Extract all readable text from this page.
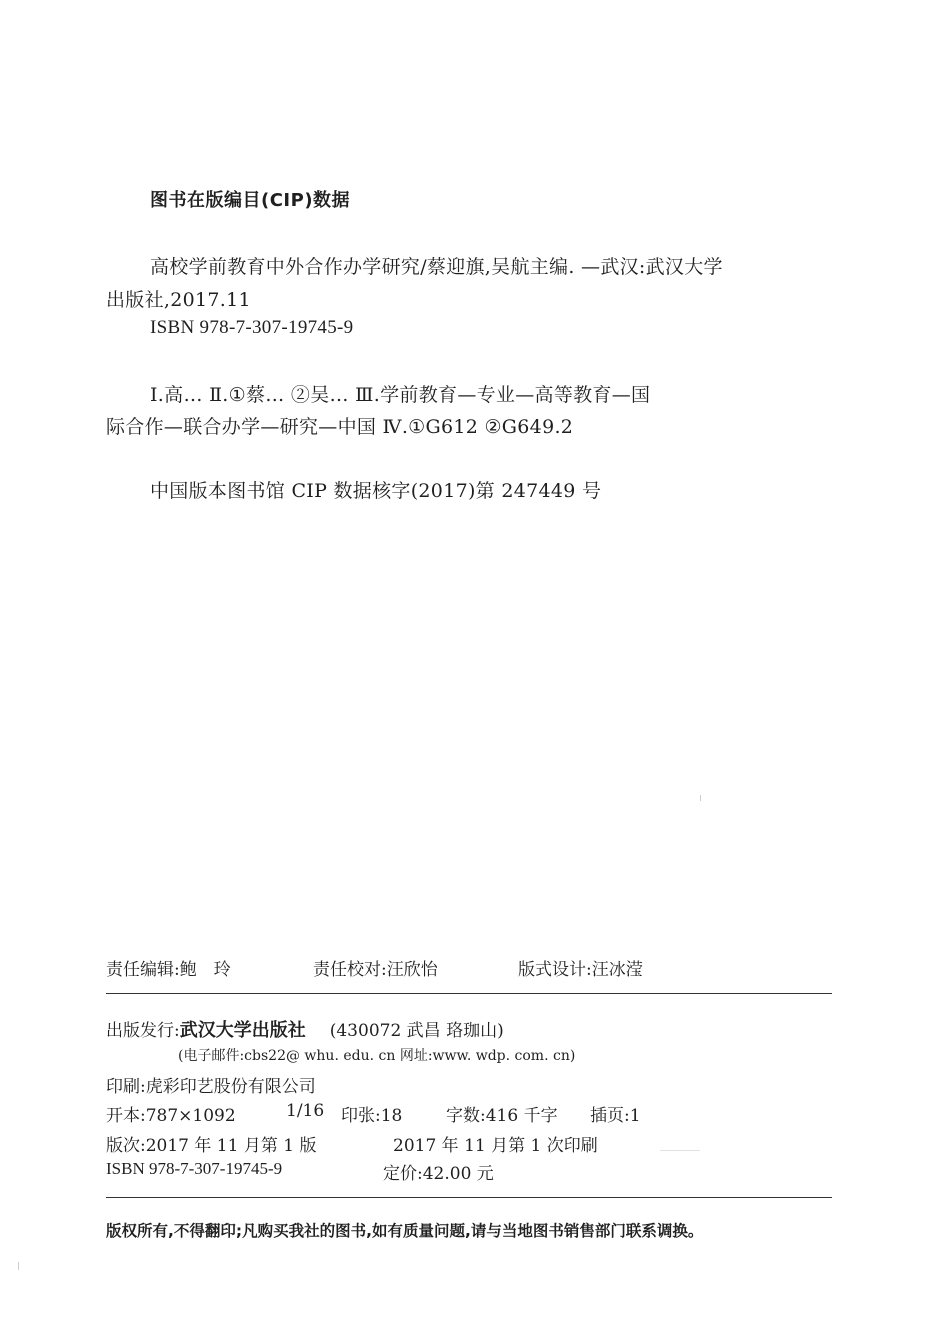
图书在版编目(CIP)数据
高校学前教育中外合作办学研究/蔡迎旗,吴航主编. —武汉:武汉大学
出版社,2017.11
ISBN 978-7-307-19745-9
Ⅰ.高… Ⅱ.①蔡… ②吴… Ⅲ.学前教育—专业—高等教育—国
际合作—联合办学—研究—中国 Ⅳ.①G612 ②G649.2
中国版本图书馆 CIP 数据核字(2017)第 247449 号
责任编辑:鲍　玲	责任校对:汪欣怡	版式设计:汪冰滢
出版发行:武汉大学出版社 (430072 武昌 珞珈山)
(电子邮件:cbs22@ whu. edu. cn 网址:www. wdp. com. cn)
印刷:虎彩印艺股份有限公司
开本:787×1092	1/16 印张:18	字数:416 千字 插页:1
版次:2017 年 11 月第 1 版	2017 年 11 月第 1 次印刷
ISBN 978-7-307-19745-9	定价:42.00 元
版权所有,不得翻印;凡购买我社的图书,如有质量问题,请与当地图书销售部门联系调换。
